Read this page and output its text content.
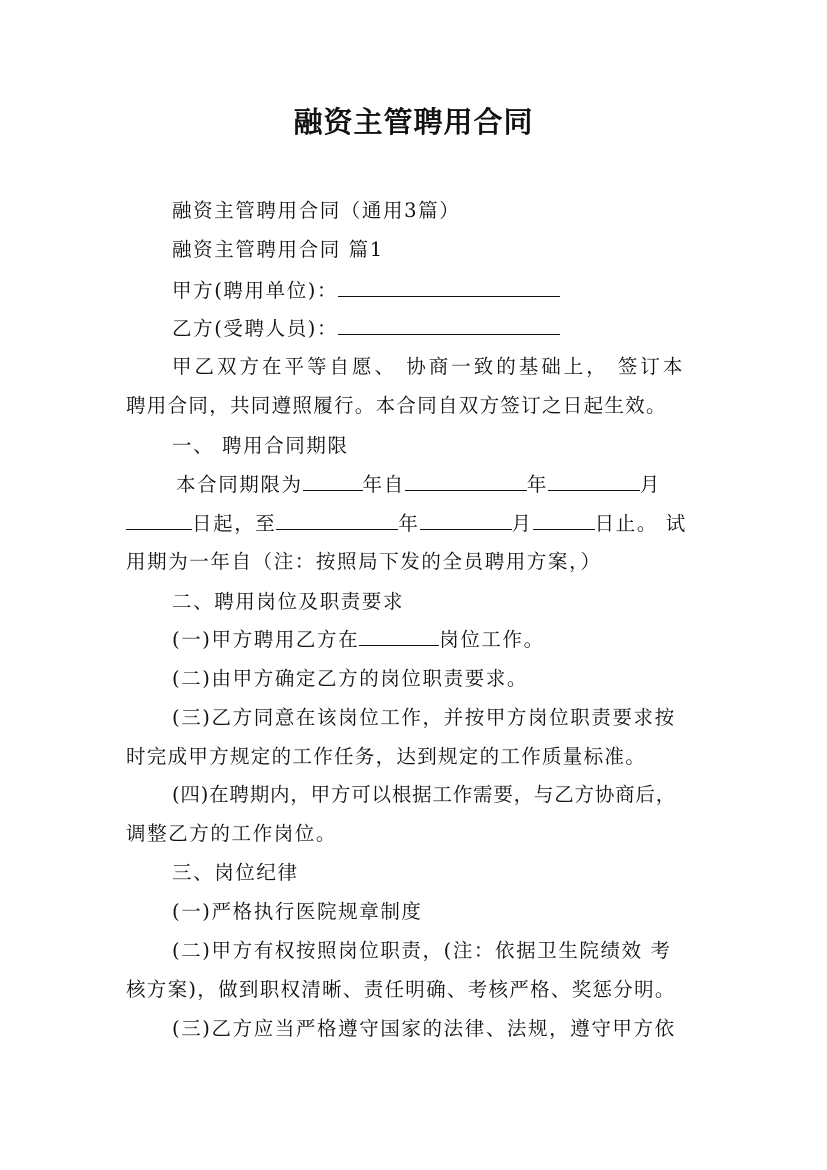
融资主管聘用合同
融资主管聘用合同（通用3篇）
融资主管聘用合同 篇1
甲方(聘用单位)：
乙方(受聘人员)：
甲乙双方在平等自愿、 协商一致的基础上， 签订本
聘用合同，共同遵照履行。本合同自双方签订之日起生效。
一、 聘用合同期限
本合同期限为	年自	年	月
日起，至	年	月	日止。 试
用期为一年自（注：按照局下发的全员聘用方案，）
二、聘用岗位及职责要求
(一)甲方聘用乙方在	岗位工作。
(二)由甲方确定乙方的岗位职责要求。
(三)乙方同意在该岗位工作，并按甲方岗位职责要求按
时完成甲方规定的工作任务，达到规定的工作质量标准。
(四)在聘期内，甲方可以根据工作需要，与乙方协商后，
调整乙方的工作岗位。
三、岗位纪律
(一)严格执行医院规章制度
(二)甲方有权按照岗位职责，(注：依据卫生院绩效 考
核方案)，做到职权清晰、责任明确、考核严格、奖惩分明。
(三)乙方应当严格遵守国家的法律、法规，遵守甲方依
